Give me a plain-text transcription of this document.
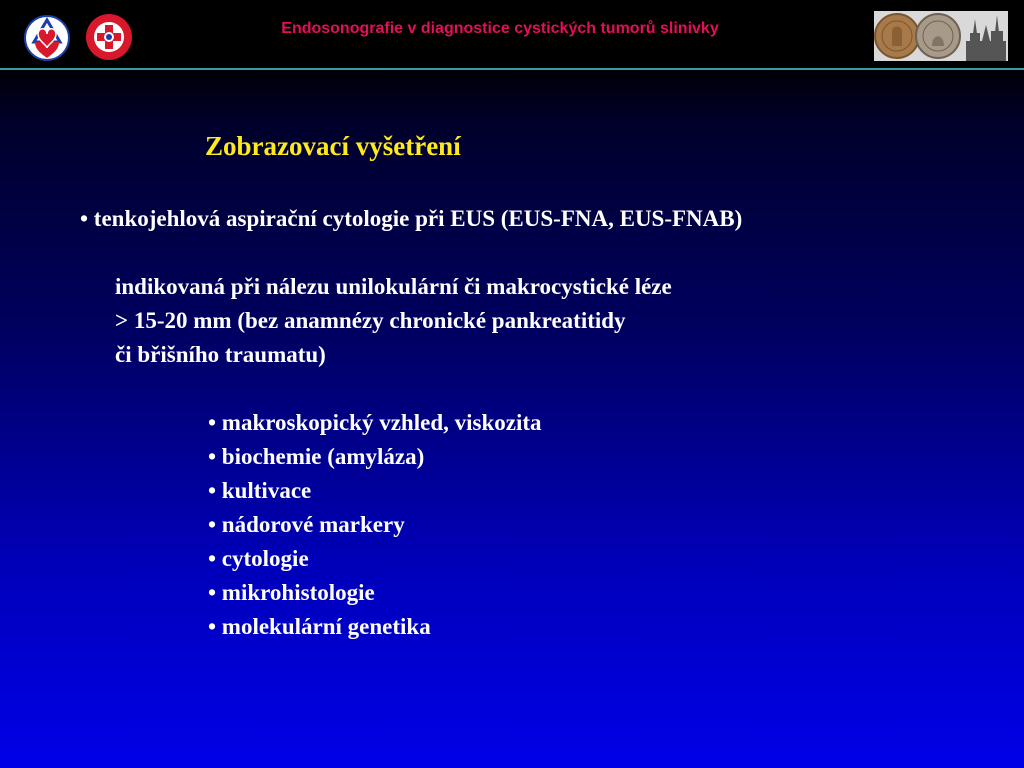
Endosonografie v diagnostice cystických tumorů slinivky
Zobrazovací vyšetření
• tenkojehlová aspirační cytologie při EUS (EUS-FNA, EUS-FNAB)
indikovaná při nálezu unilokulární či makrocystické léze
> 15-20 mm (bez anamnézy chronické pankreatitidy
či břišního traumatu)
• makroskopický vzhled, viskozita
• biochemie (amyláza)
• kultivace
• nádorové markery
• cytologie
• mikrohistologie
• molekulární genetika
